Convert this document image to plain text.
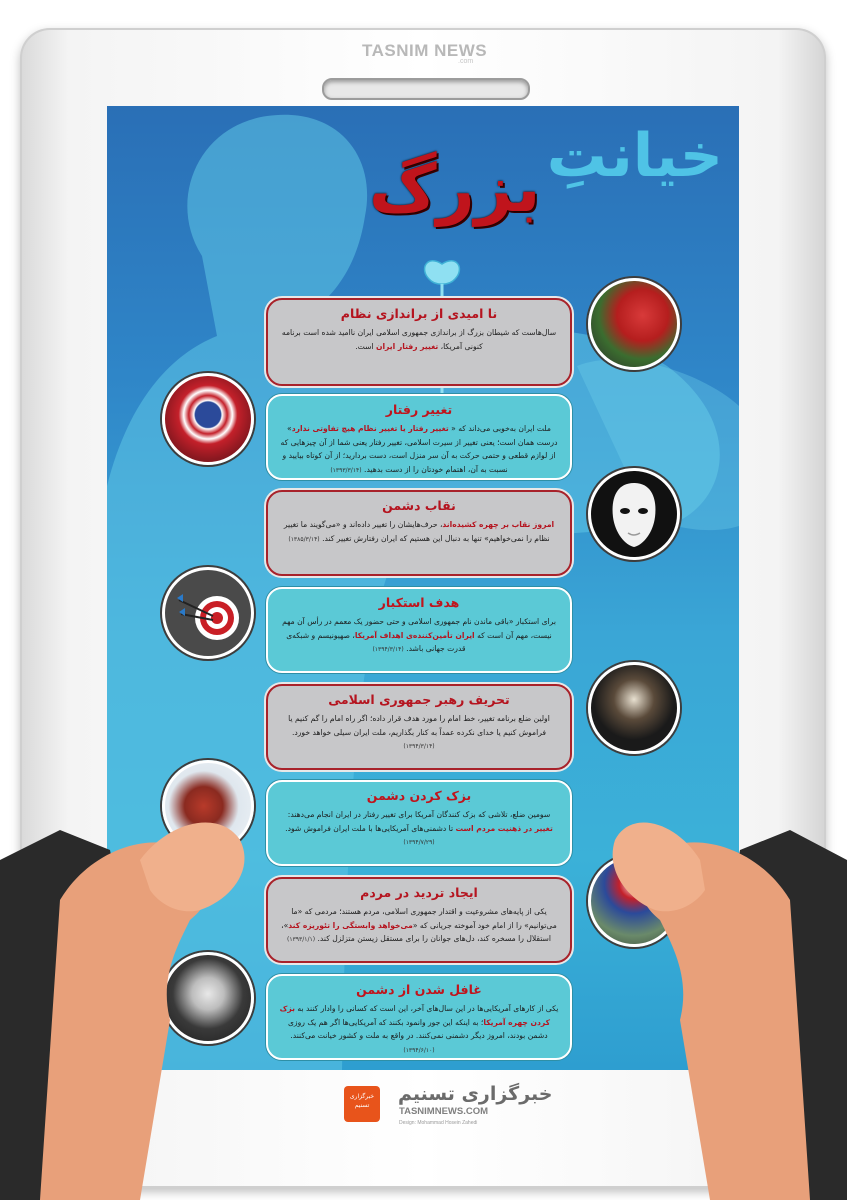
TASNIM NEWS
.com
خیانتِ
بزرگ
نا امیدی از براندازی نظام
سال‌هاست که شیطان بزرگ از براندازی جمهوری اسلامی ایران ناامید شده است برنامه کنونی آمریکا، تغییر رفتار ایران است.
تغییر رفتار
ملت ایران به‌خوبی می‌داند که « تغییر رفتار یا تغییر نظام هیچ تفاوتی ندارد» درست همان است؛ یعنی تغییر از سیرت اسلامی، تغییر رفتار یعنی شما از آن چیزهایی که از لوازم قطعی و حتمی حرکت به آن سر منزل است، دست بردارید؛ از آن کوتاه بیایید و نسبت به آن، اهتمام خودتان را از دست بدهید. (۱۳۹۳/۳/۱۴)
نقاب دشمن
امروز نقاب بر چهره کشیده‌اند، حرف‌هایشان را تغییر داده‌اند و «می‌گویند ما تغییر نظام را نمی‌خواهیم» تنها به دنبال این هستیم که ایران رفتارش تغییر کند. (۱۳۸۵/۳/۱۴)
هدف استکبار
برای استکبار «باقی ماندن نام جمهوری اسلامی و حتی حضور یک معمم در رأس آن مهم نیست، مهم آن است که ایران تأمین‌کننده‌ی اهداف آمریکا، صهیونیسم و شبکه‌ی قدرت جهانی باشد. (۱۳۹۴/۳/۱۴)
تحریف رهبر جمهوری اسلامی
اولین ضلع برنامه تغییر، خط امام را مورد هدف قرار داده؛ اگر راه امام را گم کنیم یا فراموش کنیم یا خدای نکرده عمداً به کنار بگذاریم، ملت ایران سیلی خواهد خورد. (۱۳۹۴/۳/۱۴)
بزک کردن دشمن
سومین ضلع، تلاشی که بزک کنندگان آمریکا برای تغییر رفتار در ایران انجام می‌دهند: تغییر در ذهنیت مردم است تا دشمنی‌های آمریکایی‌ها با ملت ایران فراموش شود. (۱۳۹۴/۷/۲۹)
ایجاد تردید در مردم
یکی از پایه‌های مشروعیت و اقتدار جمهوری اسلامی، مردم هستند؛ مردمی که «ما می‌توانیم» را از امام خود آموخته جریانی که «می‌خواهد وابستگی را تئوریزه کند»، استقلال را مسخره کند، دل‌های جوانان را برای مستقل زیستن متزلزل کند. (۱۳۹۳/۱/۱)
غافل شدن از دشمن
یکی از کارهای آمریکایی‌ها در این سال‌های آخر، این است که کسانی را وادار کنند به بزک کردن چهره آمریکا؛ به اینکه این جور وانمود بکنند که آمریکایی‌ها اگر هم یک روزی دشمن بودند، امروز دیگر دشمنی نمی‌کنند. در واقع به ملت و کشور خیانت می‌کنند. (۱۳۹۴/۶/۱۰)
خبرگزاری تسنیم
خبرگزاری تسنیم
TASNIMNEWS.COM
Design: Mohammad Hosein Zahedi
